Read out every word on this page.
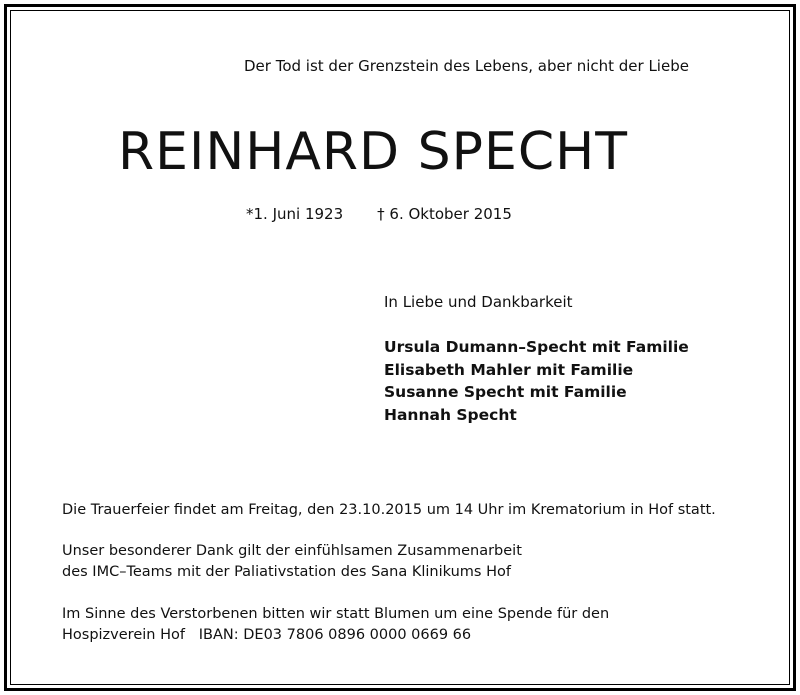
Der Tod ist der Grenzstein des Lebens, aber nicht der Liebe
REINHARD SPECHT
*1. Juni 1923 † 6. Oktober 2015
In Liebe und Dankbarkeit
Ursula Dumann–Specht mit Familie
Elisabeth Mahler mit Familie
Susanne Specht mit Familie
Hannah Specht
Die Trauerfeier findet am Freitag, den 23.10.2015 um 14 Uhr im Krematorium in Hof statt.
Unser besonderer Dank gilt der einfühlsamen Zusammenarbeit
des IMC–Teams mit der Paliativstation des Sana Klinikums Hof
Im Sinne des Verstorbenen bitten wir statt Blumen um eine Spende für den
Hospizverein Hof   IBAN: DE03 7806 0896 0000 0669 66
